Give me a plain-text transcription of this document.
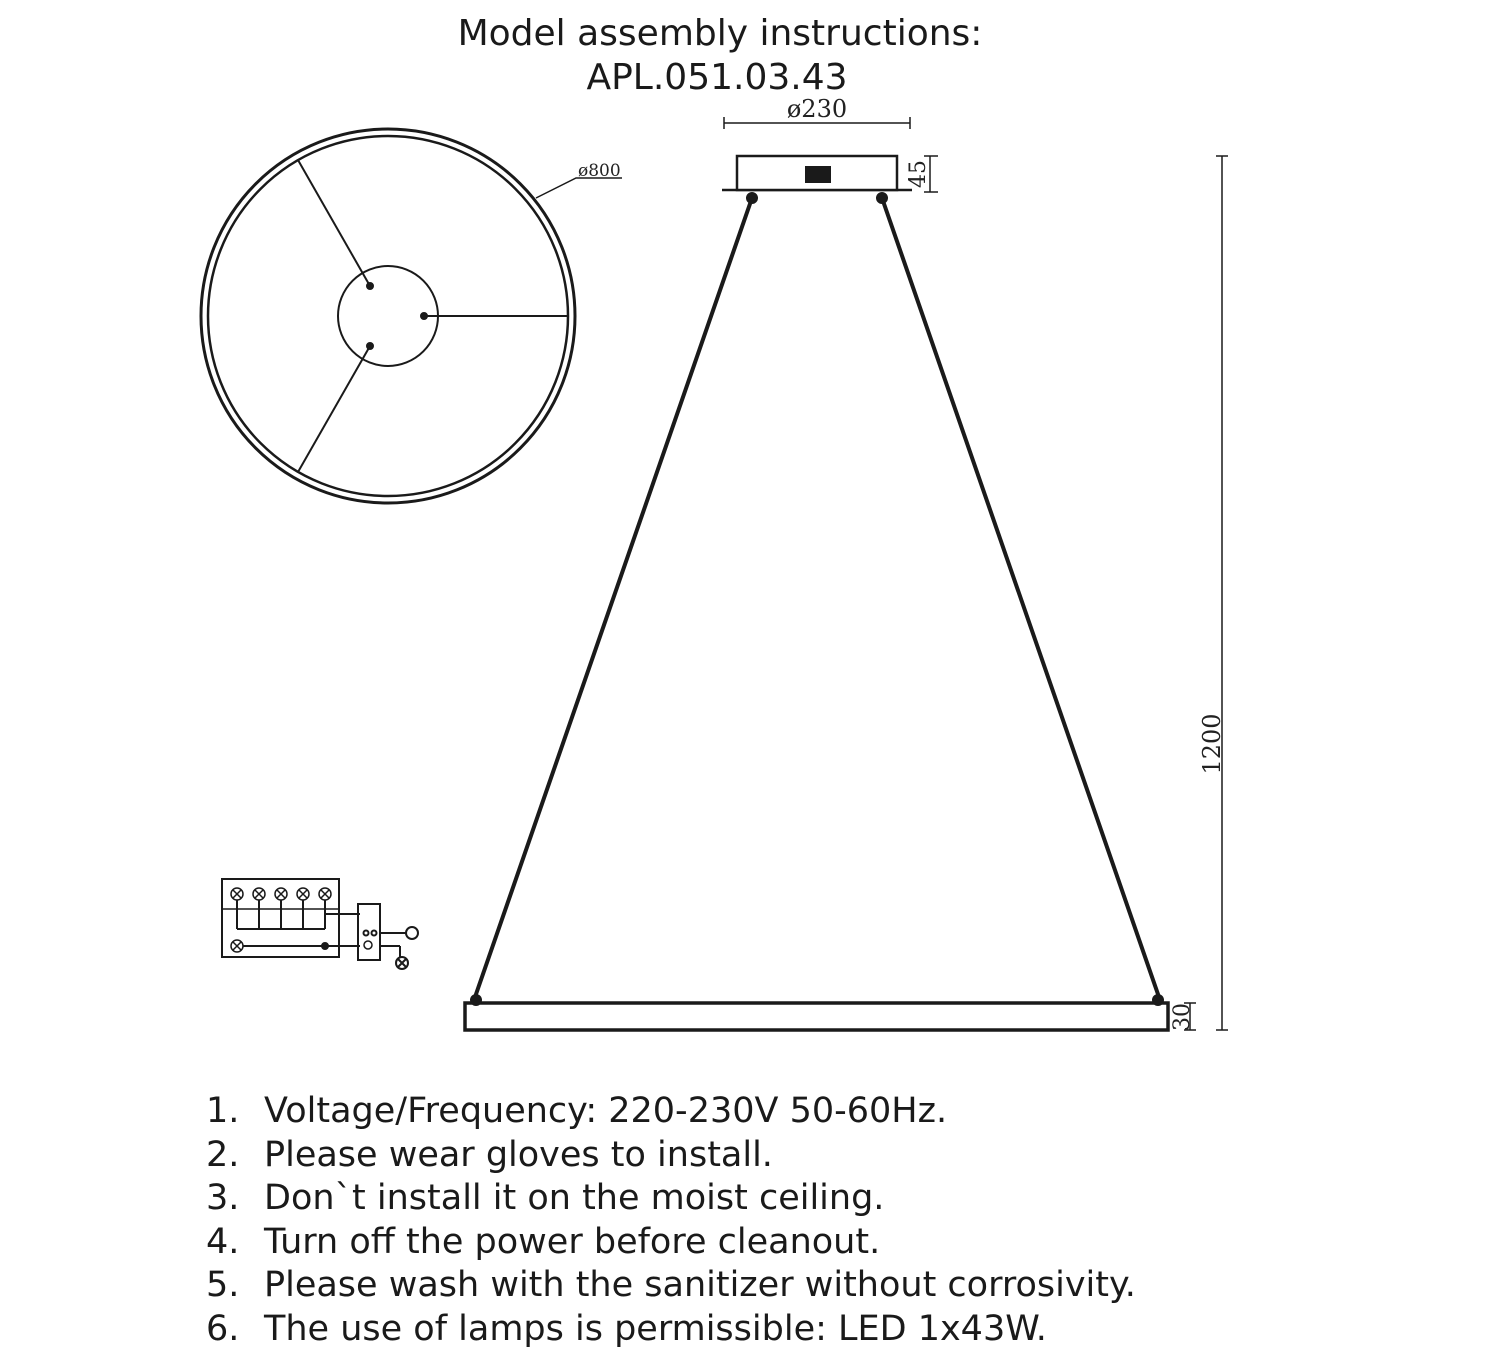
Model assembly instructions:
APL.051.03.43
ø800
ø230
45
1200
30
1. Voltage/Frequency: 220-230V 50-60Hz.
2. Please wear gloves to install.
3. Don`t install it on the moist ceiling.
4. Turn off the power before cleanout.
5. Please wash with the sanitizer without corrosivity.
6. The use of lamps is permissible: LED 1x43W.
